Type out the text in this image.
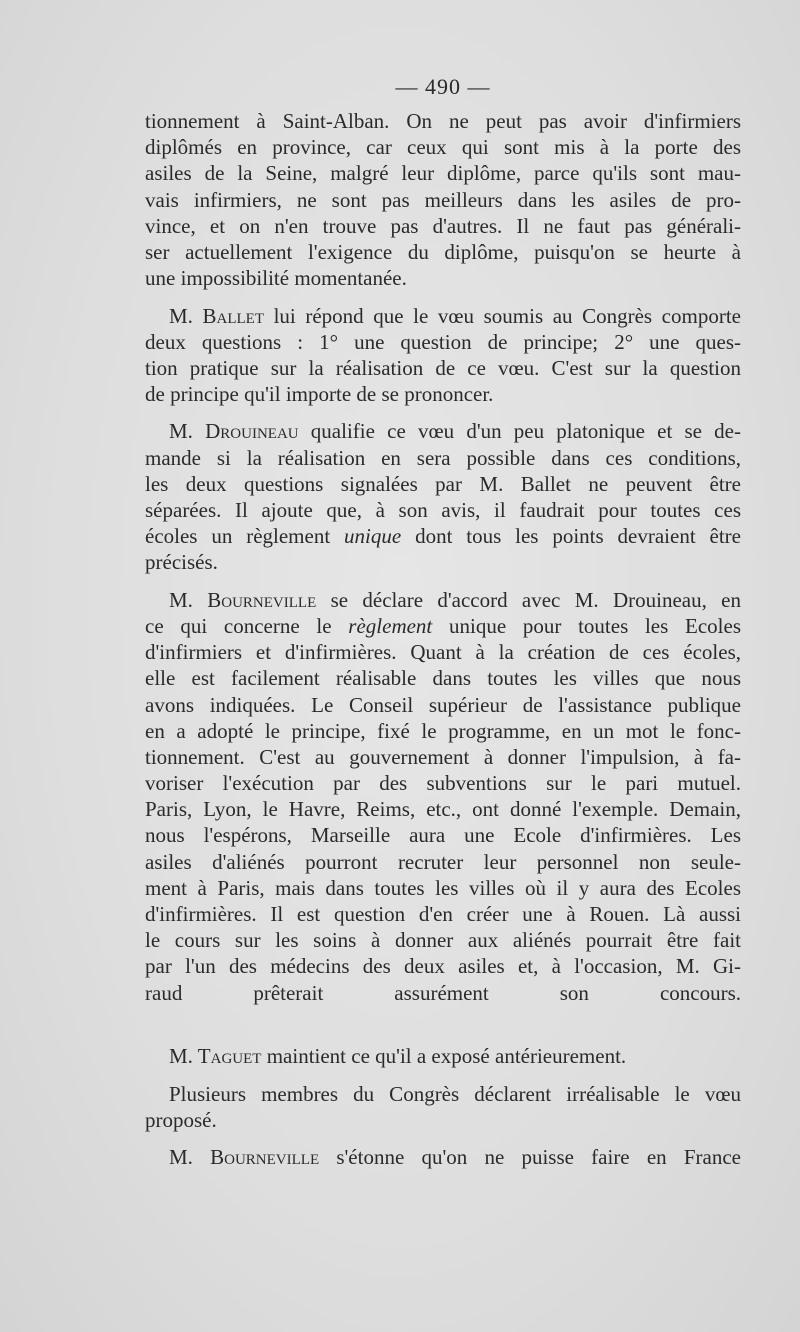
— 490 —
tionnement à Saint-Alban. On ne peut pas avoir d'infirmiers
diplômés en province, car ceux qui sont mis à la porte des
asiles de la Seine, malgré leur diplôme, parce qu'ils sont mau-
vais infirmiers, ne sont pas meilleurs dans les asiles de pro-
vince, et on n'en trouve pas d'autres. Il ne faut pas générali-
ser actuellement l'exigence du diplôme, puisqu'on se heurte à
une impossibilité momentanée.
M. Ballet lui répond que le vœu soumis au Congrès comporte
deux questions : 1° une question de principe; 2° une ques-
tion pratique sur la réalisation de ce vœu. C'est sur la question
de principe qu'il importe de se prononcer.
M. Drouineau qualifie ce vœu d'un peu platonique et se de-
mande si la réalisation en sera possible dans ces conditions,
les deux questions signalées par M. Ballet ne peuvent être
séparées. Il ajoute que, à son avis, il faudrait pour toutes ces
écoles un règlement unique dont tous les points devraient être
précisés.
M. Bourneville se déclare d'accord avec M. Drouineau, en
ce qui concerne le règlement unique pour toutes les Ecoles
d'infirmiers et d'infirmières. Quant à la création de ces écoles,
elle est facilement réalisable dans toutes les villes que nous
avons indiquées. Le Conseil supérieur de l'assistance publique
en a adopté le principe, fixé le programme, en un mot le fonc-
tionnement. C'est au gouvernement à donner l'impulsion, à fa-
voriser l'exécution par des subventions sur le pari mutuel.
Paris, Lyon, le Havre, Reims, etc., ont donné l'exemple. Demain,
nous l'espérons, Marseille aura une Ecole d'infirmières. Les
asiles d'aliénés pourront recruter leur personnel non seule-
ment à Paris, mais dans toutes les villes où il y aura des Ecoles
d'infirmières. Il est question d'en créer une à Rouen. Là aussi
le cours sur les soins à donner aux aliénés pourrait être fait
par l'un des médecins des deux asiles et, à l'occasion, M. Gi-
raud prêterait assurément son concours.
M. Taguet maintient ce qu'il a exposé antérieurement.
Plusieurs membres du Congrès déclarent irréalisable le vœu
proposé.
M. Bourneville s'étonne qu'on ne puisse faire en France
